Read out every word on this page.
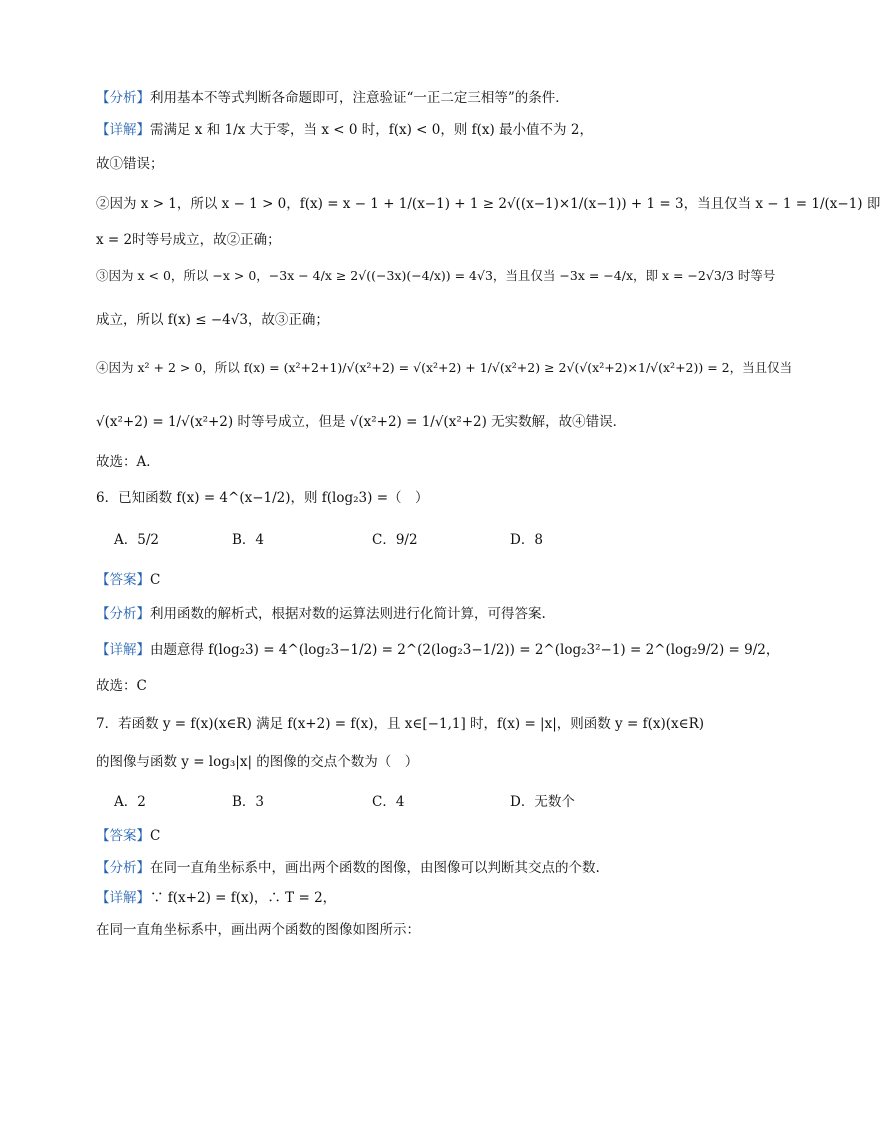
【分析】利用基本不等式判断各命题即可，注意验证“一正二定三相等”的条件．
【详解】需满足 x 和 1/x 大于零，当 x < 0 时，f(x) < 0，则 f(x) 最小值不为 2，
故①错误；
②因为 x > 1，所以 x − 1 > 0，f(x) = x − 1 + 1/(x−1) + 1 ≥ 2√((x−1)×1/(x−1)) + 1 = 3，当且仅当 x − 1 = 1/(x−1) 即
x = 2时等号成立，故②正确；
③因为 x < 0，所以 −x > 0，−3x − 4/x ≥ 2√((−3x)(−4/x)) = 4√3，当且仅当 −3x = −4/x，即 x = −2√3/3 时等号
成立，所以 f(x) ≤ −4√3，故③正确；
④因为 x² + 2 > 0，所以 f(x) = (x²+2+1)/√(x²+2) = √(x²+2) + 1/√(x²+2) ≥ 2√(√(x²+2)×1/√(x²+2)) = 2，当且仅当
√(x²+2) = 1/√(x²+2) 时等号成立，但是 √(x²+2) = 1/√(x²+2) 无实数解，故④错误．
故选：A．
6．已知函数 f(x) = 4^(x−1/2)，则 f(log₂3) =（　）
A．5/2	B．4	C．9/2	D．8
【答案】C
【分析】利用函数的解析式，根据对数的运算法则进行化简计算，可得答案.
【详解】由题意得 f(log₂3) = 4^(log₂3−1/2) = 2^(2(log₂3−1/2)) = 2^(log₂3²−1) = 2^(log₂9/2) = 9/2，
故选：C
7．若函数 y = f(x)(x∈R) 满足 f(x+2) = f(x)，且 x∈[−1,1] 时，f(x) = |x|，则函数 y = f(x)(x∈R)
的图像与函数 y = log₃|x| 的图像的交点个数为（　）
A．2	B．3	C．4	D．无数个
【答案】C
【分析】在同一直角坐标系中，画出两个函数的图像，由图像可以判断其交点的个数.
【详解】∵ f(x+2) = f(x)，∴ T = 2，
在同一直角坐标系中，画出两个函数的图像如图所示：
